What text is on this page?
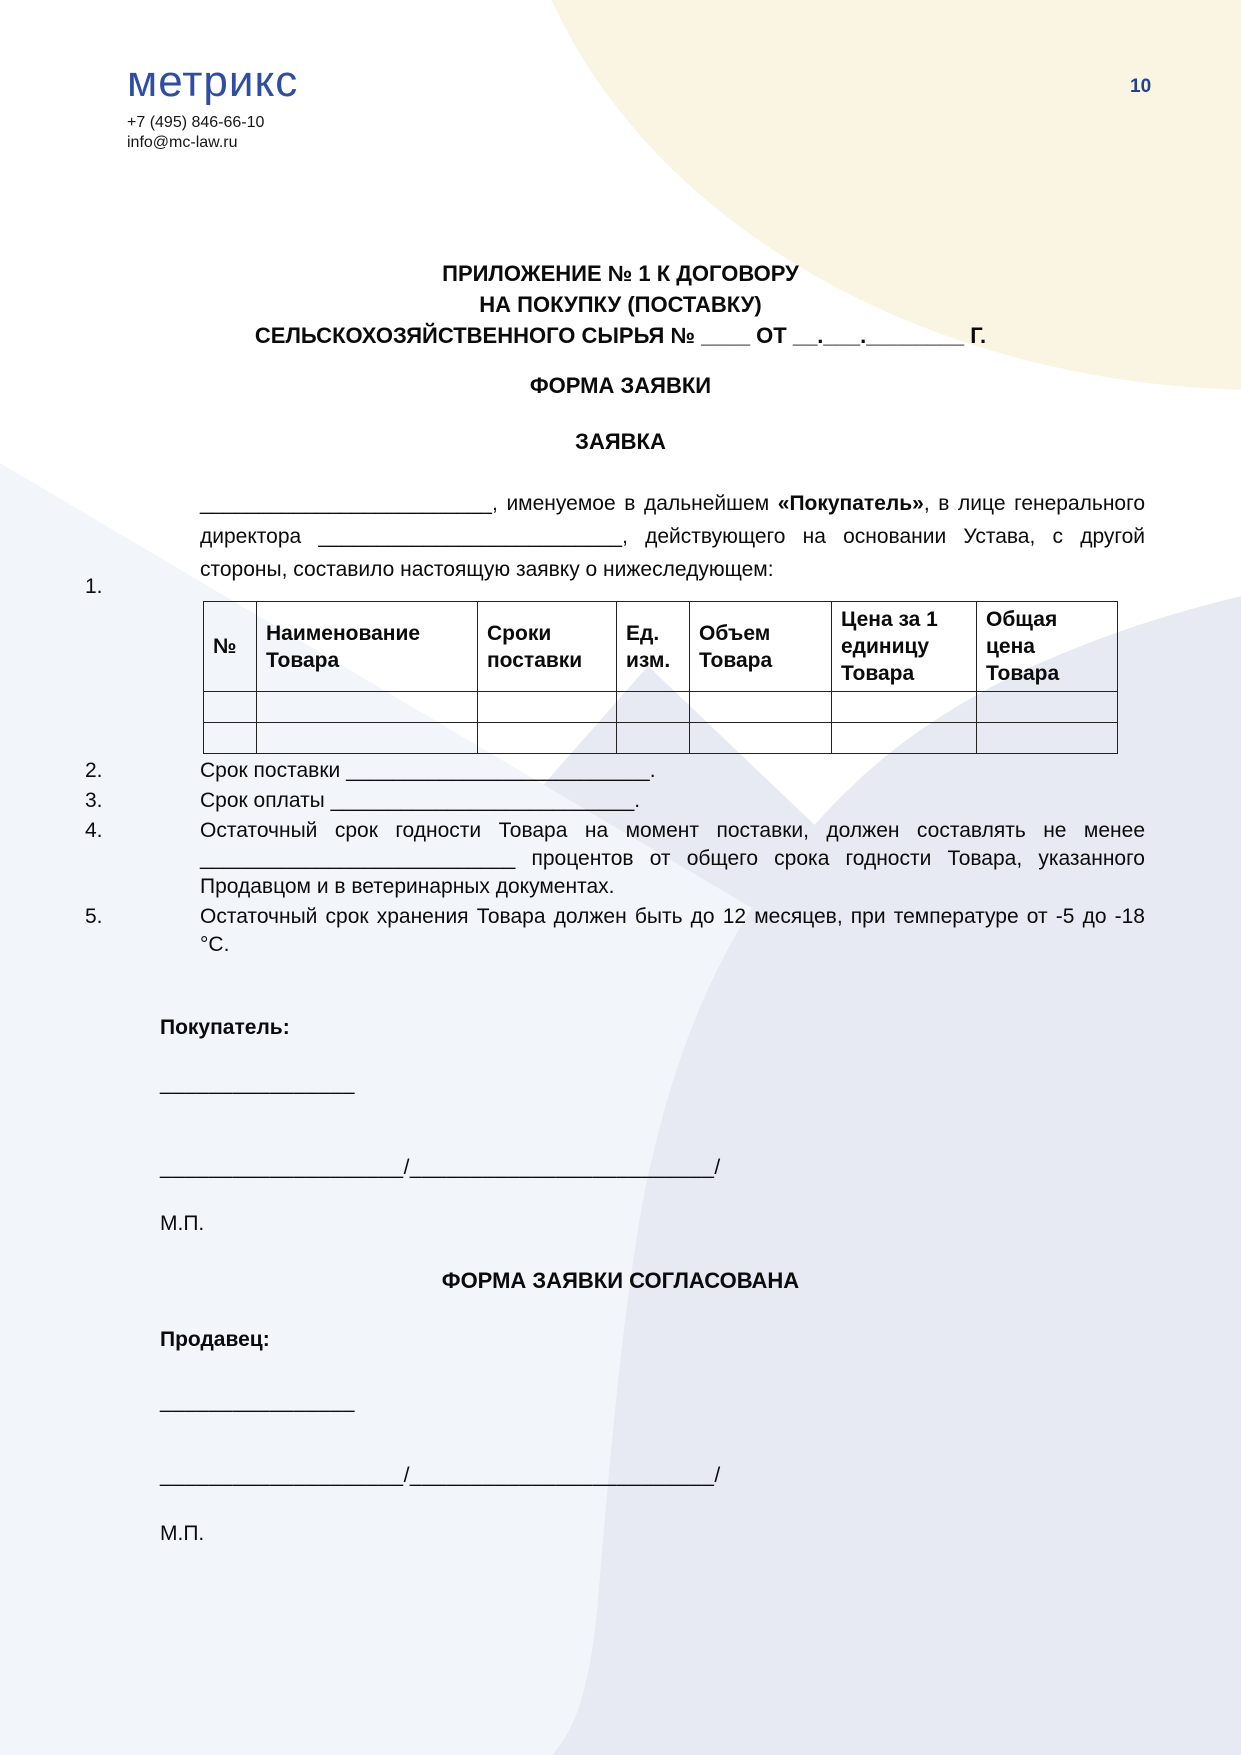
метрикс
+7 (495) 846-66-10
info@mc-law.ru
10
ПРИЛОЖЕНИЕ № 1 К ДОГОВОРУ
НА ПОКУПКУ (ПОСТАВКУ)
СЕЛЬСКОХОЗЯЙСТВЕННОГО СЫРЬЯ № ____ ОТ __.___.________ Г.
ФОРМА ЗАЯВКИ
ЗАЯВКА
_________________________, именуемое в дальнейшем «Покупатель», в лице генерального директора __________________________, действующего на основании Устава, с другой стороны, составило настоящую заявку о нижеследующем:
1.
№	Наименование Товара	Сроки поставки	Ед. изм.	Объем Товара	Цена за 1 единицу Товара	Общая цена Товара

2.	Срок поставки __________________________.
3.	Срок оплаты __________________________.
4.	Остаточный срок годности Товара на момент поставки, должен составлять не менее ___________________________ процентов от общего срока годности Товара, указанного Продавцом и в ветеринарных документах.
5.	Остаточный срок хранения Товара должен быть до 12 месяцев, при температуре от -5 до -18 °С.
Покупатель:
________________
____________________/_________________________/
М.П.
ФОРМА ЗАЯВКИ СОГЛАСОВАНА
Продавец:
________________
____________________/_________________________/
М.П.
